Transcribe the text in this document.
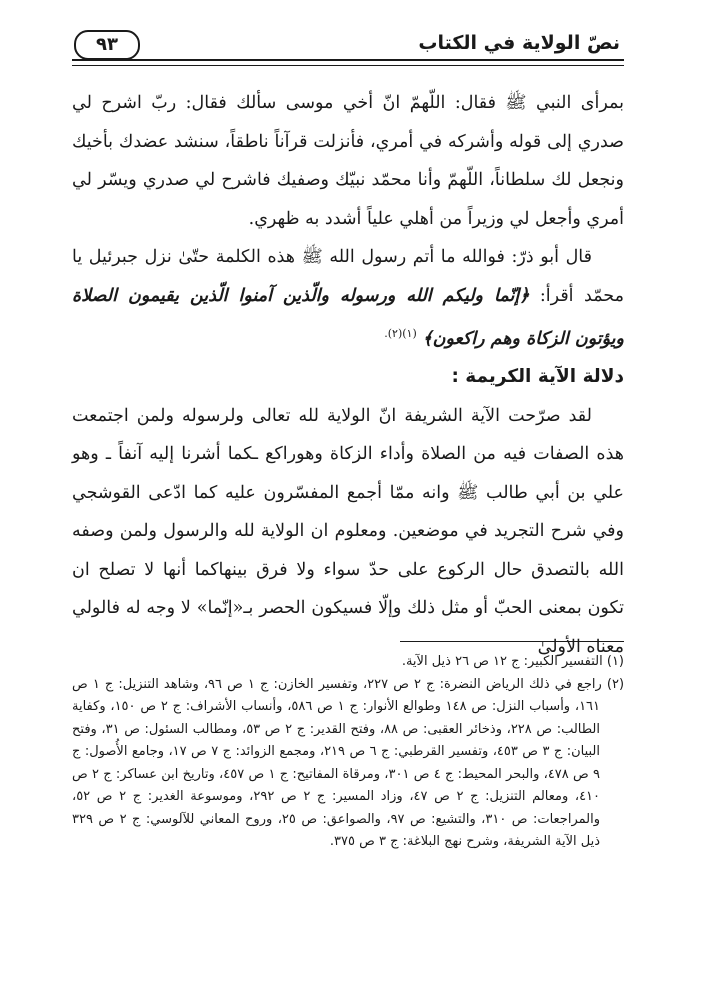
نصّ الولاية في الكتاب
٩٣

بمرأى النبي ﷺ فقال: اللّهمّ انّ أخي موسى سألك فقال: ربّ اشرح لي صدري إلى قوله وأشركه في أمري، فأنزلت قرآناً ناطقاً، سنشد عضدك بأخيك ونجعل لك سلطاناً، اللّهمّ وأنا محمّد نبيّك وصفيك فاشرح لي صدري ويسّر لي أمري وأجعل لي وزيراً من أهلي علياً أشدد به ظهري.

قال أبو ذرّ: فوالله ما أتم رسول الله ﷺ هذه الكلمة حتّىٰ نزل جبرئيل يا محمّد أقرأ: ﴿إنّما وليكم الله ورسوله والّذين آمنوا الّذين يقيمون الصلاة ويؤتون الزكاة وهم راكعون﴾ $^{(١)(٢).}$

دلالة الآية الكريمة :

لقد صرّحت الآية الشريفة انّ الولاية لله تعالى ولرسوله ولمن اجتمعت هذه الصفات فيه من الصلاة وأداء الزكاة وهوراكع ـكما أشرنا إليه آنفاً ـ وهو علي بن أبي طالب ﷺ وانه ممّا أجمع المفسّرون عليه كما ادّعى القوشجي وفي شرح التجريد في موضعين. ومعلوم ان الولاية لله والرسول ولمن وصفه الله بالتصدق حال الركوع على حدّ سواء ولا فرق بينهاكما أنها لا تصلح ان تكون بمعنى الحبّ أو مثل ذلك وإلّا فسيكون الحصر بـ«إنّما» لا وجه له فالولي معناه الأولىٰ

(١) التفسير الكبير: ج ١٢ ص ٢٦ ذيل الآية.

(٢) راجع في ذلك الرياض النضرة: ج ٢ ص ٢٢٧، وتفسير الخازن: ج ١ ص ٩٦، وشاهد التنزيل: ج ١ ص ١٦١، وأسباب النزل: ص ١٤٨ وطوالع الأنوار: ج ١ ص ٥٨٦، وأنساب الأشراف: ج ٢ ص ١٥٠، وكفاية الطالب: ص ٢٢٨، وذخائر العقبى: ص ٨٨، وفتح القدير: ج ٢ ص ٥٣، ومطالب السئول: ص ٣١، وفتح البيان: ج ٣ ص ٤٥٣، وتفسير القرطبي: ج ٦ ص ٢١٩، ومجمع الزوائد: ج ٧ ص ١٧، وجامع الأُصول: ج ٩ ص ٤٧٨، والبحر المحيط: ج ٤ ص ٣٠١، ومرقاة المفاتيح: ج ١ ص ٤٥٧، وتاريخ ابن عساكر: ج ٢ ص ٤١٠، ومعالم التنزيل: ج ٢ ص ٤٧، وزاد المسير: ج ٢ ص ٢٩٢، وموسوعة الغدير: ج ٢ ص ٥٢، والمراجعات: ص ٣١٠، والتشيع: ص ٩٧، والصواعق: ص ٢٥، وروح المعاني للآلوسي: ج ٢ ص ٣٢٩ ذيل الآية الشريفة، وشرح نهج البلاغة: ج ٣ ص ٣٧٥.
